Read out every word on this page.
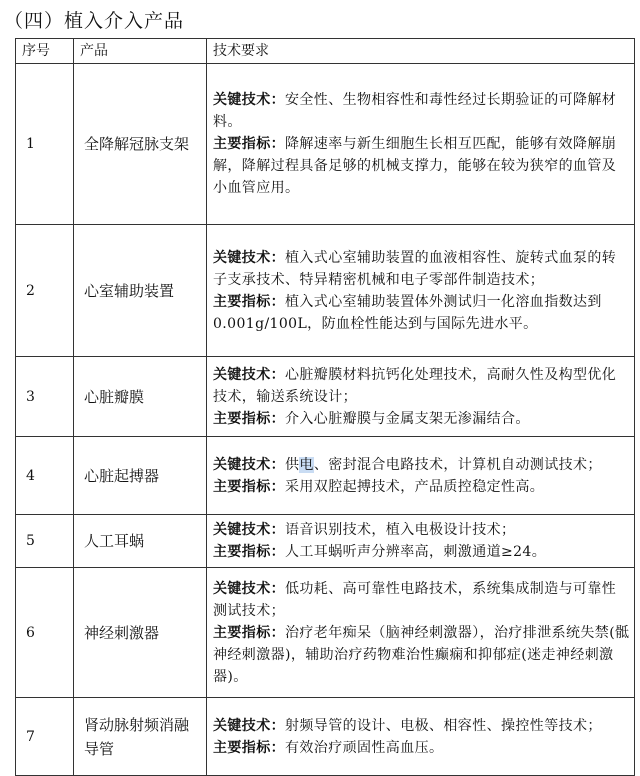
（四）植入介入产品
序号	产品	技术要求
1	全降解冠脉支架	关键技术：安全性、生物相容性和毒性经过长期验证的可降解材料。
主要指标：降解速率与新生细胞生长相互匹配，能够有效降解崩解，降解过程具备足够的机械支撑力，能够在较为狭窄的血管及小血管应用。

2	心室辅助装置	关键技术：植入式心室辅助装置的血液相容性、旋转式血泵的转子支承技术、特异精密机械和电子零部件制造技术；
主要指标：植入式心室辅助装置体外测试归一化溶血指数达到 0.001g/100L，防血栓性能达到与国际先进水平。

3	心脏瓣膜	关键技术：心脏瓣膜材料抗钙化处理技术，高耐久性及构型优化技术，输送系统设计；
主要指标：介入心脏瓣膜与金属支架无渗漏结合。

4	心脏起搏器	关键技术：供电、密封混合电路技术，计算机自动测试技术；
主要指标：采用双腔起搏技术，产品质控稳定性高。

5	人工耳蜗	关键技术：语音识别技术，植入电极设计技术；
主要指标：人工耳蜗听声分辨率高，刺激通道≥24。

6	神经刺激器	关键技术：低功耗、高可靠性电路技术，系统集成制造与可靠性测试技术；
主要指标：治疗老年痴呆（脑神经刺激器），治疗排泄系统失禁(骶神经刺激器)，辅助治疗药物难治性癫痫和抑郁症(迷走神经刺激器)。

7	肾动脉射频消融导管	关键技术：射频导管的设计、电极、相容性、操控性等技术；
主要指标：有效治疗顽固性高血压。
